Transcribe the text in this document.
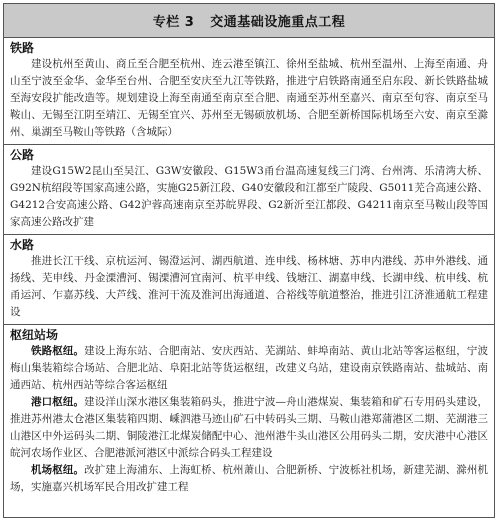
专栏 3 交通基础设施重点工程
铁路

建设杭州至黄山、商丘至合肥至杭州、连云港至镇江、徐州至盐城、杭州至温州、上海至南通、舟山至宁波至金华、金华至台州、合肥至安庆至九江等铁路，推进宁启铁路南通至启东段、新长铁路盐城至海安段扩能改造等。规划建设上海至南通至南京至合肥、南通至苏州至嘉兴、南京至句容、南京至马鞍山、无锡至江阴至靖江、无锡至宜兴、苏州至无锡硕放机场、合肥至新桥国际机场至六安、南京至滁州、巢湖至马鞍山等铁路（含城际）

公路

建设G15W2昆山至吴江、G3W安徽段、G15W3甬台温高速复线三门湾、台州湾、乐清湾大桥、G92N杭绍段等国家高速公路，实施G25新江段、G40安徽段和江都至广陵段、G5011芜合高速公路、G4212合安高速公路、G42沪蓉高速南京至苏皖界段、G2新沂至江都段、G4211南京至马鞍山段等国家高速公路改扩建

水路

推进长江干线、京杭运河、锡澄运河、湖西航道、连申线、杨林塘、苏申内港线、苏申外港线、通扬线、芜申线、丹金溧漕河、锡溧漕河宜南河、杭平申线、钱塘江、湖嘉申线、长湖申线、杭申线、杭甬运河、乍嘉苏线、大芦线、淮河干流及淮河出海通道、合裕线等航道整治，推进引江济淮通航工程建设

枢纽站场

铁路枢纽。建设上海东站、合肥南站、安庆西站、芜湖站、蚌埠南站、黄山北站等客运枢纽，宁波梅山集装箱综合场站、合肥北站、阜阳北站等货运枢纽，改建义乌站，建设南京铁路南站、盐城站、南通西站、杭州西站等综合客运枢纽

港口枢纽。建设洋山深水港区集装箱码头，推进宁波—舟山港煤炭、集装箱和矿石专用码头建设，推进苏州港太仓港区集装箱四期、嵊泗港马迹山矿石中转码头三期、马鞍山港郑蒲港区二期、芜湖港三山港区中外运码头二期、铜陵港江北煤炭储配中心、池州港牛头山港区公用码头二期，安庆港中心港区皖河农场作业区、合肥港派河港区中派综合码头工程建设

机场枢纽。改扩建上海浦东、上海虹桥、杭州萧山、合肥新桥、宁波栎社机场，新建芜湖、滁州机场，实施嘉兴机场军民合用改扩建工程
